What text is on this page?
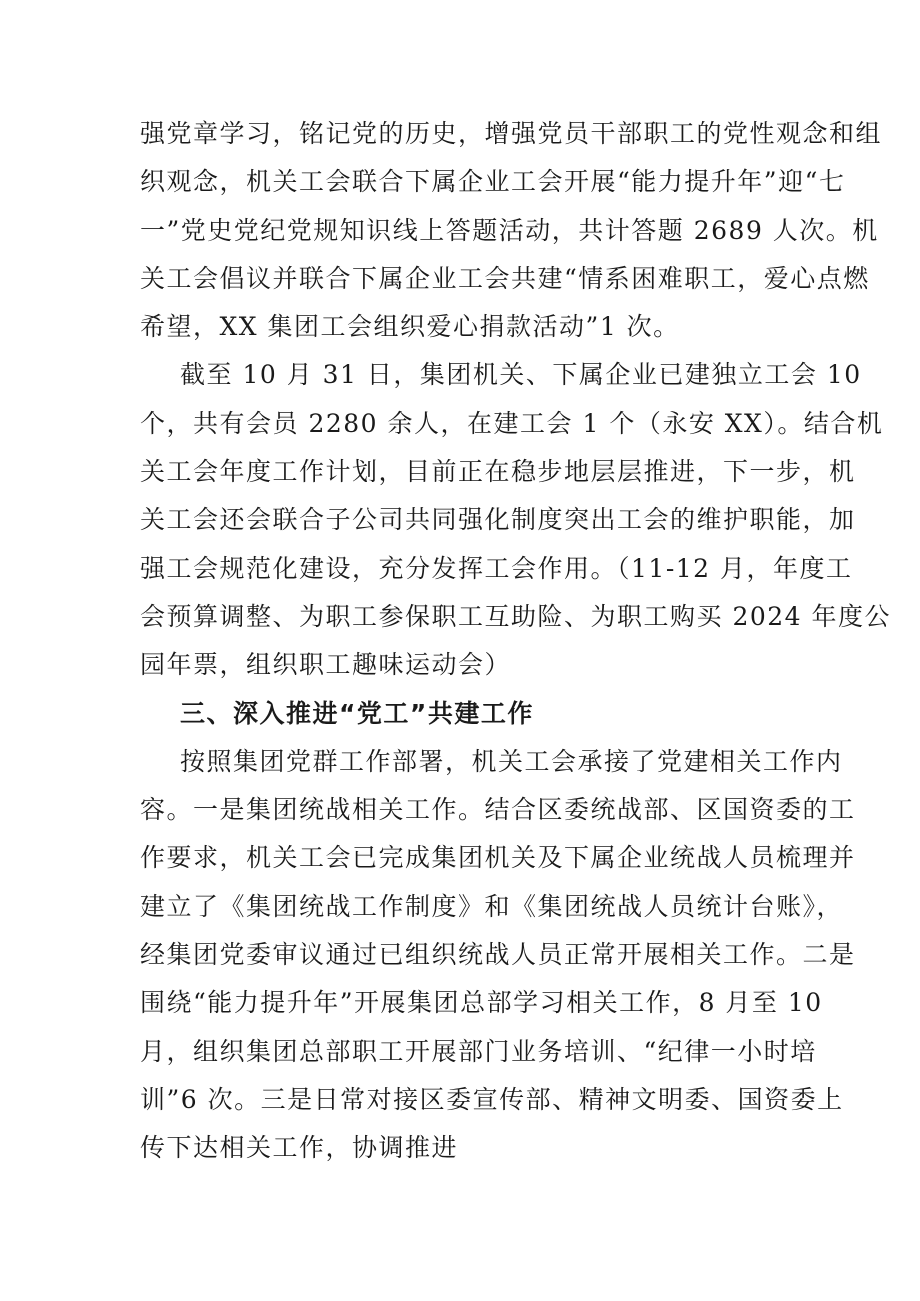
强党章学习，铭记党的历史，增强党员干部职工的党性观念和组
织观念，机关工会联合下属企业工会开展“能力提升年”迎“七
一”党史党纪党规知识线上答题活动，共计答题 2689 人次。机
关工会倡议并联合下属企业工会共建“情系困难职工，爱心点燃
希望，XX 集团工会组织爱心捐款活动”1 次。
截至 10 月 31 日，集团机关、下属企业已建独立工会 10
个，共有会员 2280 余人，在建工会 1 个（永安 XX）。结合机
关工会年度工作计划，目前正在稳步地层层推进，下一步，机
关工会还会联合子公司共同强化制度突出工会的维护职能，加
强工会规范化建设，充分发挥工会作用。（11-12 月，年度工
会预算调整、为职工参保职工互助险、为职工购买 2024 年度公
园年票，组织职工趣味运动会）
三、深入推进“党工”共建工作
按照集团党群工作部署，机关工会承接了党建相关工作内
容。一是集团统战相关工作。结合区委统战部、区国资委的工
作要求，机关工会已完成集团机关及下属企业统战人员梳理并
建立了《集团统战工作制度》和《集团统战人员统计台账》，
经集团党委审议通过已组织统战人员正常开展相关工作。二是
围绕“能力提升年”开展集团总部学习相关工作，8 月至 10
月，组织集团总部职工开展部门业务培训、“纪律一小时培
训”6 次。三是日常对接区委宣传部、精神文明委、国资委上
传下达相关工作，协调推进
